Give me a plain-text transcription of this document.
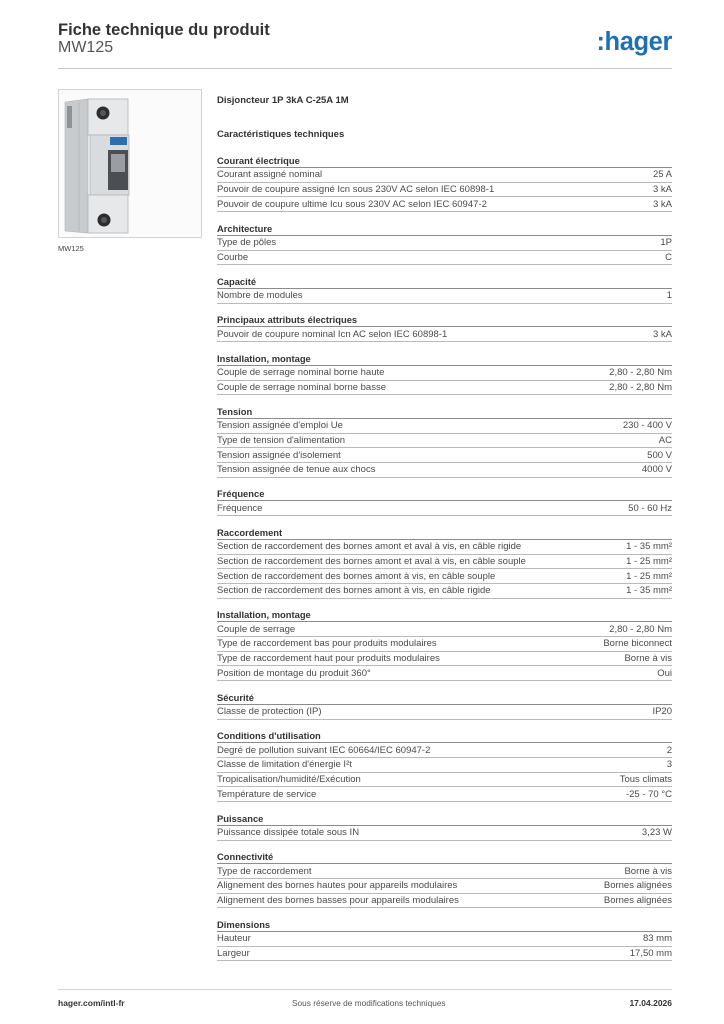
Fiche technique du produit
MW125	:hager
MW125
Disjoncteur 1P 3kA C-25A 1M
Caractéristiques techniques
Courant électrique
Courant assigné nominal	25 A
Pouvoir de coupure assigné Icn sous 230V AC selon IEC 60898-1	3 kA
Pouvoir de coupure ultime Icu sous 230V AC selon IEC 60947-2	3 kA
Architecture
Type de pôles	1P
Courbe	C
Capacité
Nombre de modules	1
Principaux attributs électriques
Pouvoir de coupure nominal Icn AC selon IEC 60898-1	3 kA
Installation, montage
Couple de serrage nominal borne haute	2,80 - 2,80 Nm
Couple de serrage nominal borne basse	2,80 - 2,80 Nm
Tension
Tension assignée d'emploi Ue	230 - 400 V
Type de tension d'alimentation	AC
Tension assignée d'isolement	500 V
Tension assignée de tenue aux chocs	4000 V
Fréquence
Fréquence	50 - 60 Hz
Raccordement
Section de raccordement des bornes amont et aval à vis, en câble rigide	1 - 35 mm²
Section de raccordement des bornes amont et aval à vis, en câble souple	1 - 25 mm²
Section de raccordement des bornes amont à vis, en câble souple	1 - 25 mm²
Section de raccordement des bornes amont à vis, en câble rigide	1 - 35 mm²
Installation, montage
Couple de serrage	2,80 - 2,80 Nm
Type de raccordement bas pour produits modulaires	Borne biconnect
Type de raccordement haut pour produits modulaires	Borne à vis
Position de montage du produit 360°	Oui
Sécurité
Classe de protection (IP)	IP20
Conditions d'utilisation
Degré de pollution suivant IEC 60664/IEC 60947-2	2
Classe de limitation d'énergie I²t	3
Tropicalisation/humidité/Exécution	Tous climats
Température de service	-25 - 70 °C
Puissance
Puissance dissipée totale sous IN	3,23 W
Connectivité
Type de raccordement	Borne à vis
Alignement des bornes hautes pour appareils modulaires	Bornes alignées
Alignement des bornes basses pour appareils modulaires	Bornes alignées
Dimensions
Hauteur	83 mm
Largeur	17,50 mm
hager.com/intl-fr	Sous réserve de modifications techniques	17.04.2026
